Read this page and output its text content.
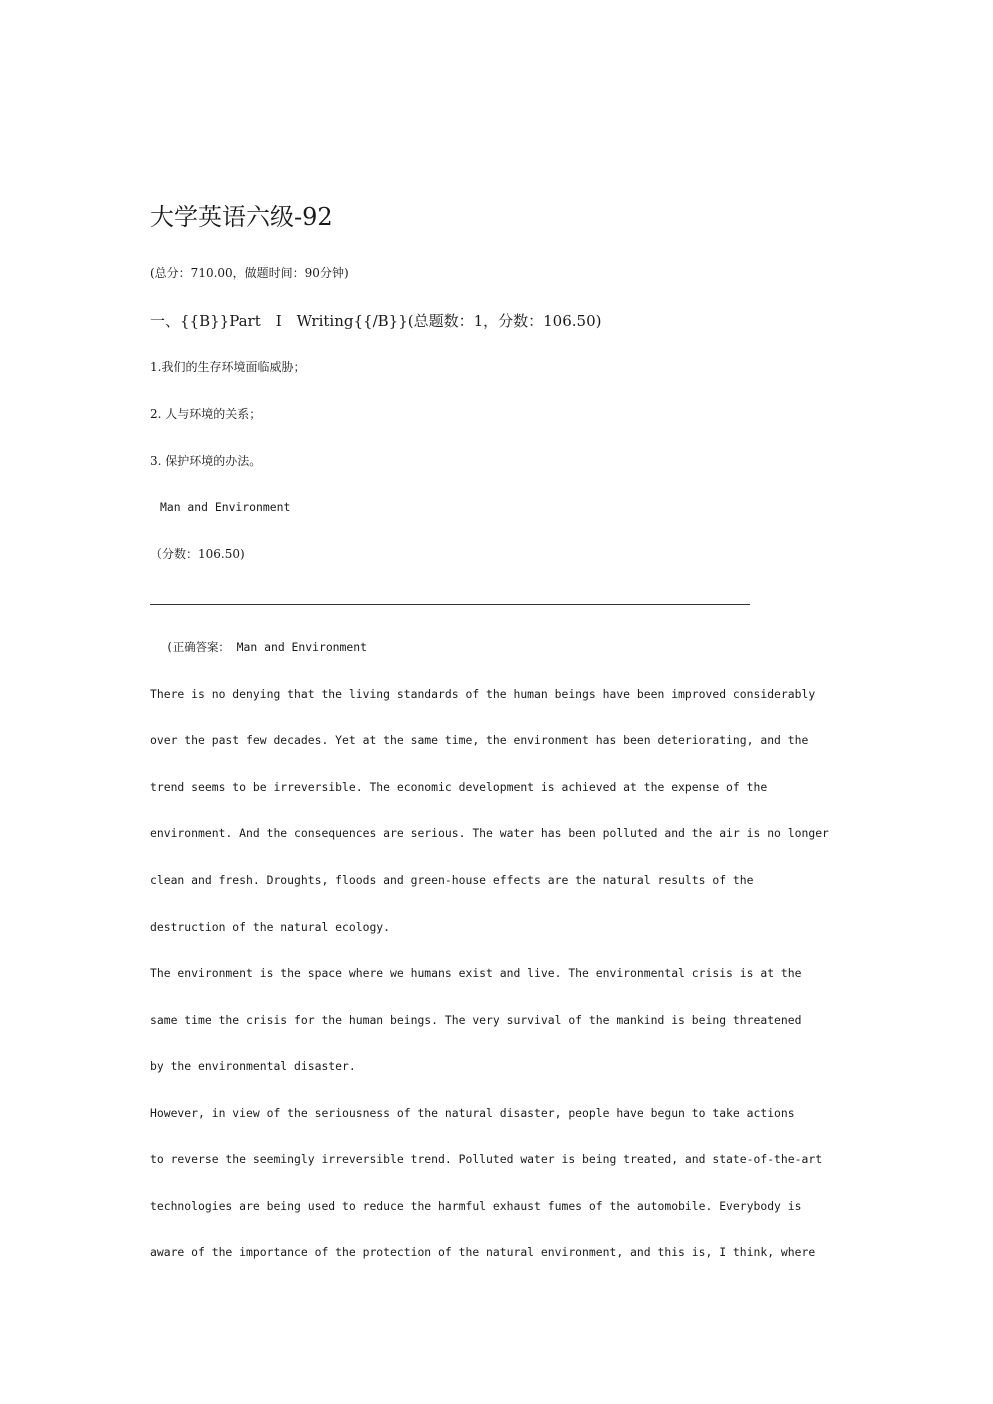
大学英语六级-92
(总分：710.00，做题时间：90分钟)
一、{{B}}Part　Ⅰ　Writing{{/B}}(总题数：1，分数：106.50)
1.我们的生存环境面临威胁；
2. 人与环境的关系；
3. 保护环境的办法。
Man and Environment
（分数：106.50)
(正确答案： Man and Environment
There is no denying that the living standards of the human beings have been improved considerably
over the past few decades. Yet at the same time, the environment has been deteriorating, and the
trend seems to be irreversible. The economic development is achieved at the expense of the
environment. And the consequences are serious. The water has been polluted and the air is no longer
clean and fresh. Droughts, floods and green-house effects are the natural results of the
destruction of the natural ecology.
The environment is the space where we humans exist and live. The environmental crisis is at the
same time the crisis for the human beings. The very survival of the mankind is being threatened
by the environmental disaster.
However, in view of the seriousness of the natural disaster, people have begun to take actions
to reverse the seemingly irreversible trend. Polluted water is being treated, and state-of-the-art
technologies are being used to reduce the harmful exhaust fumes of the automobile. Everybody is
aware of the importance of the protection of the natural environment, and this is, I think, where
